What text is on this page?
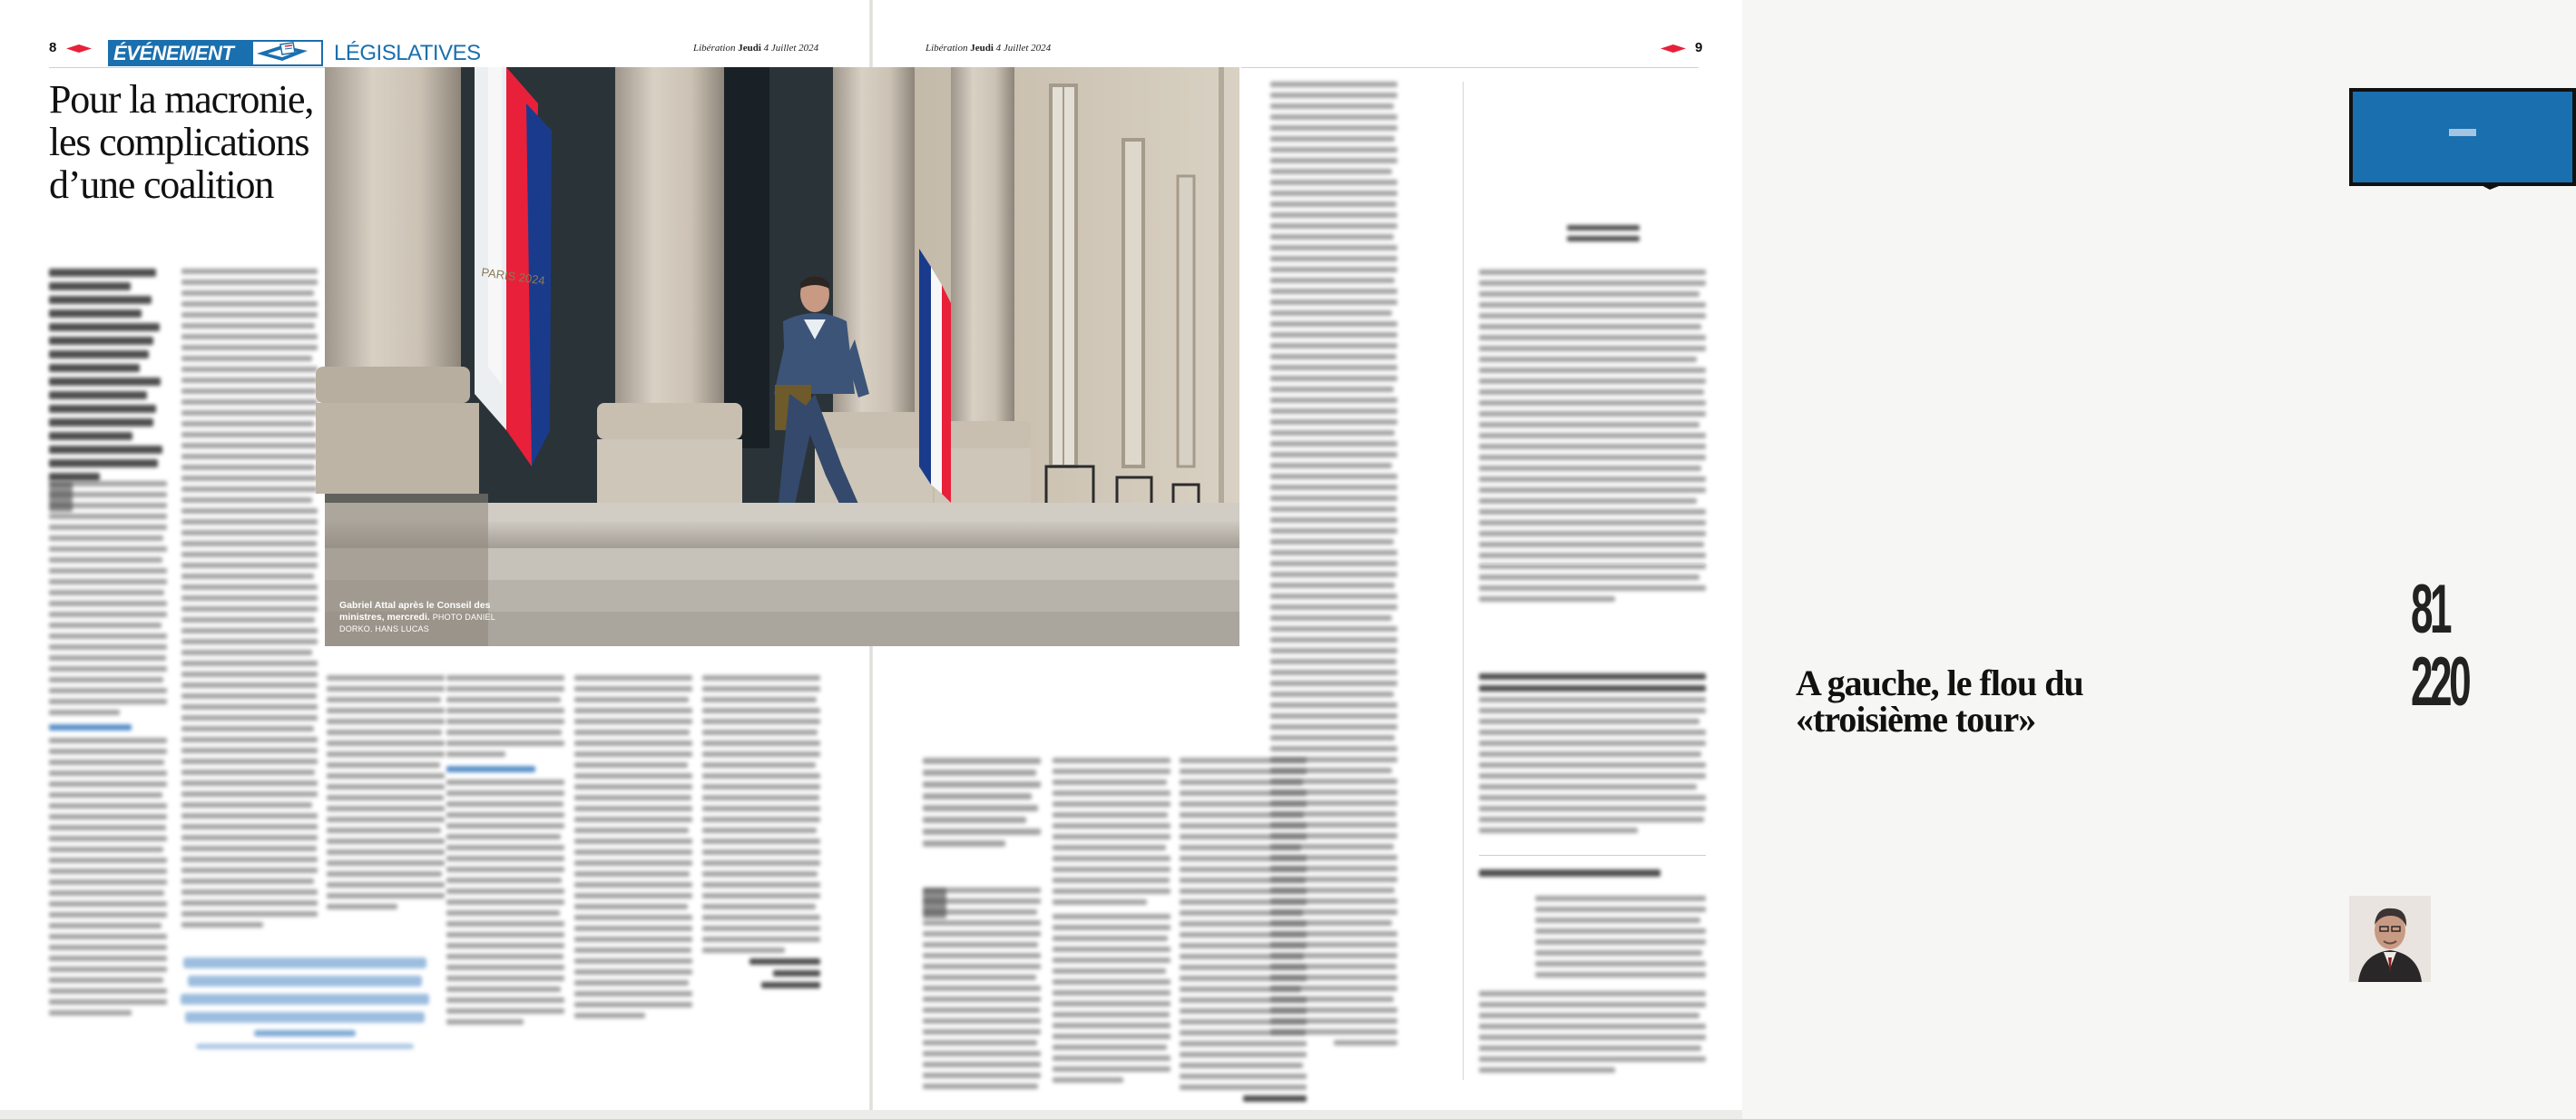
8	ÉVÉNEMENT	LÉGISLATIVES	Libération Jeudi 4 Juillet 2024
Pour la macronie, les complications d’une coalition
Libération Jeudi 4 Juillet 2024	9
A gauche, le flou du «troisième tour»
81 220
PARIS 2024
Gabriel Attal après le Conseil des ministres, mercredi. PHOTO DANIEL DORKO. HANS LUCAS
